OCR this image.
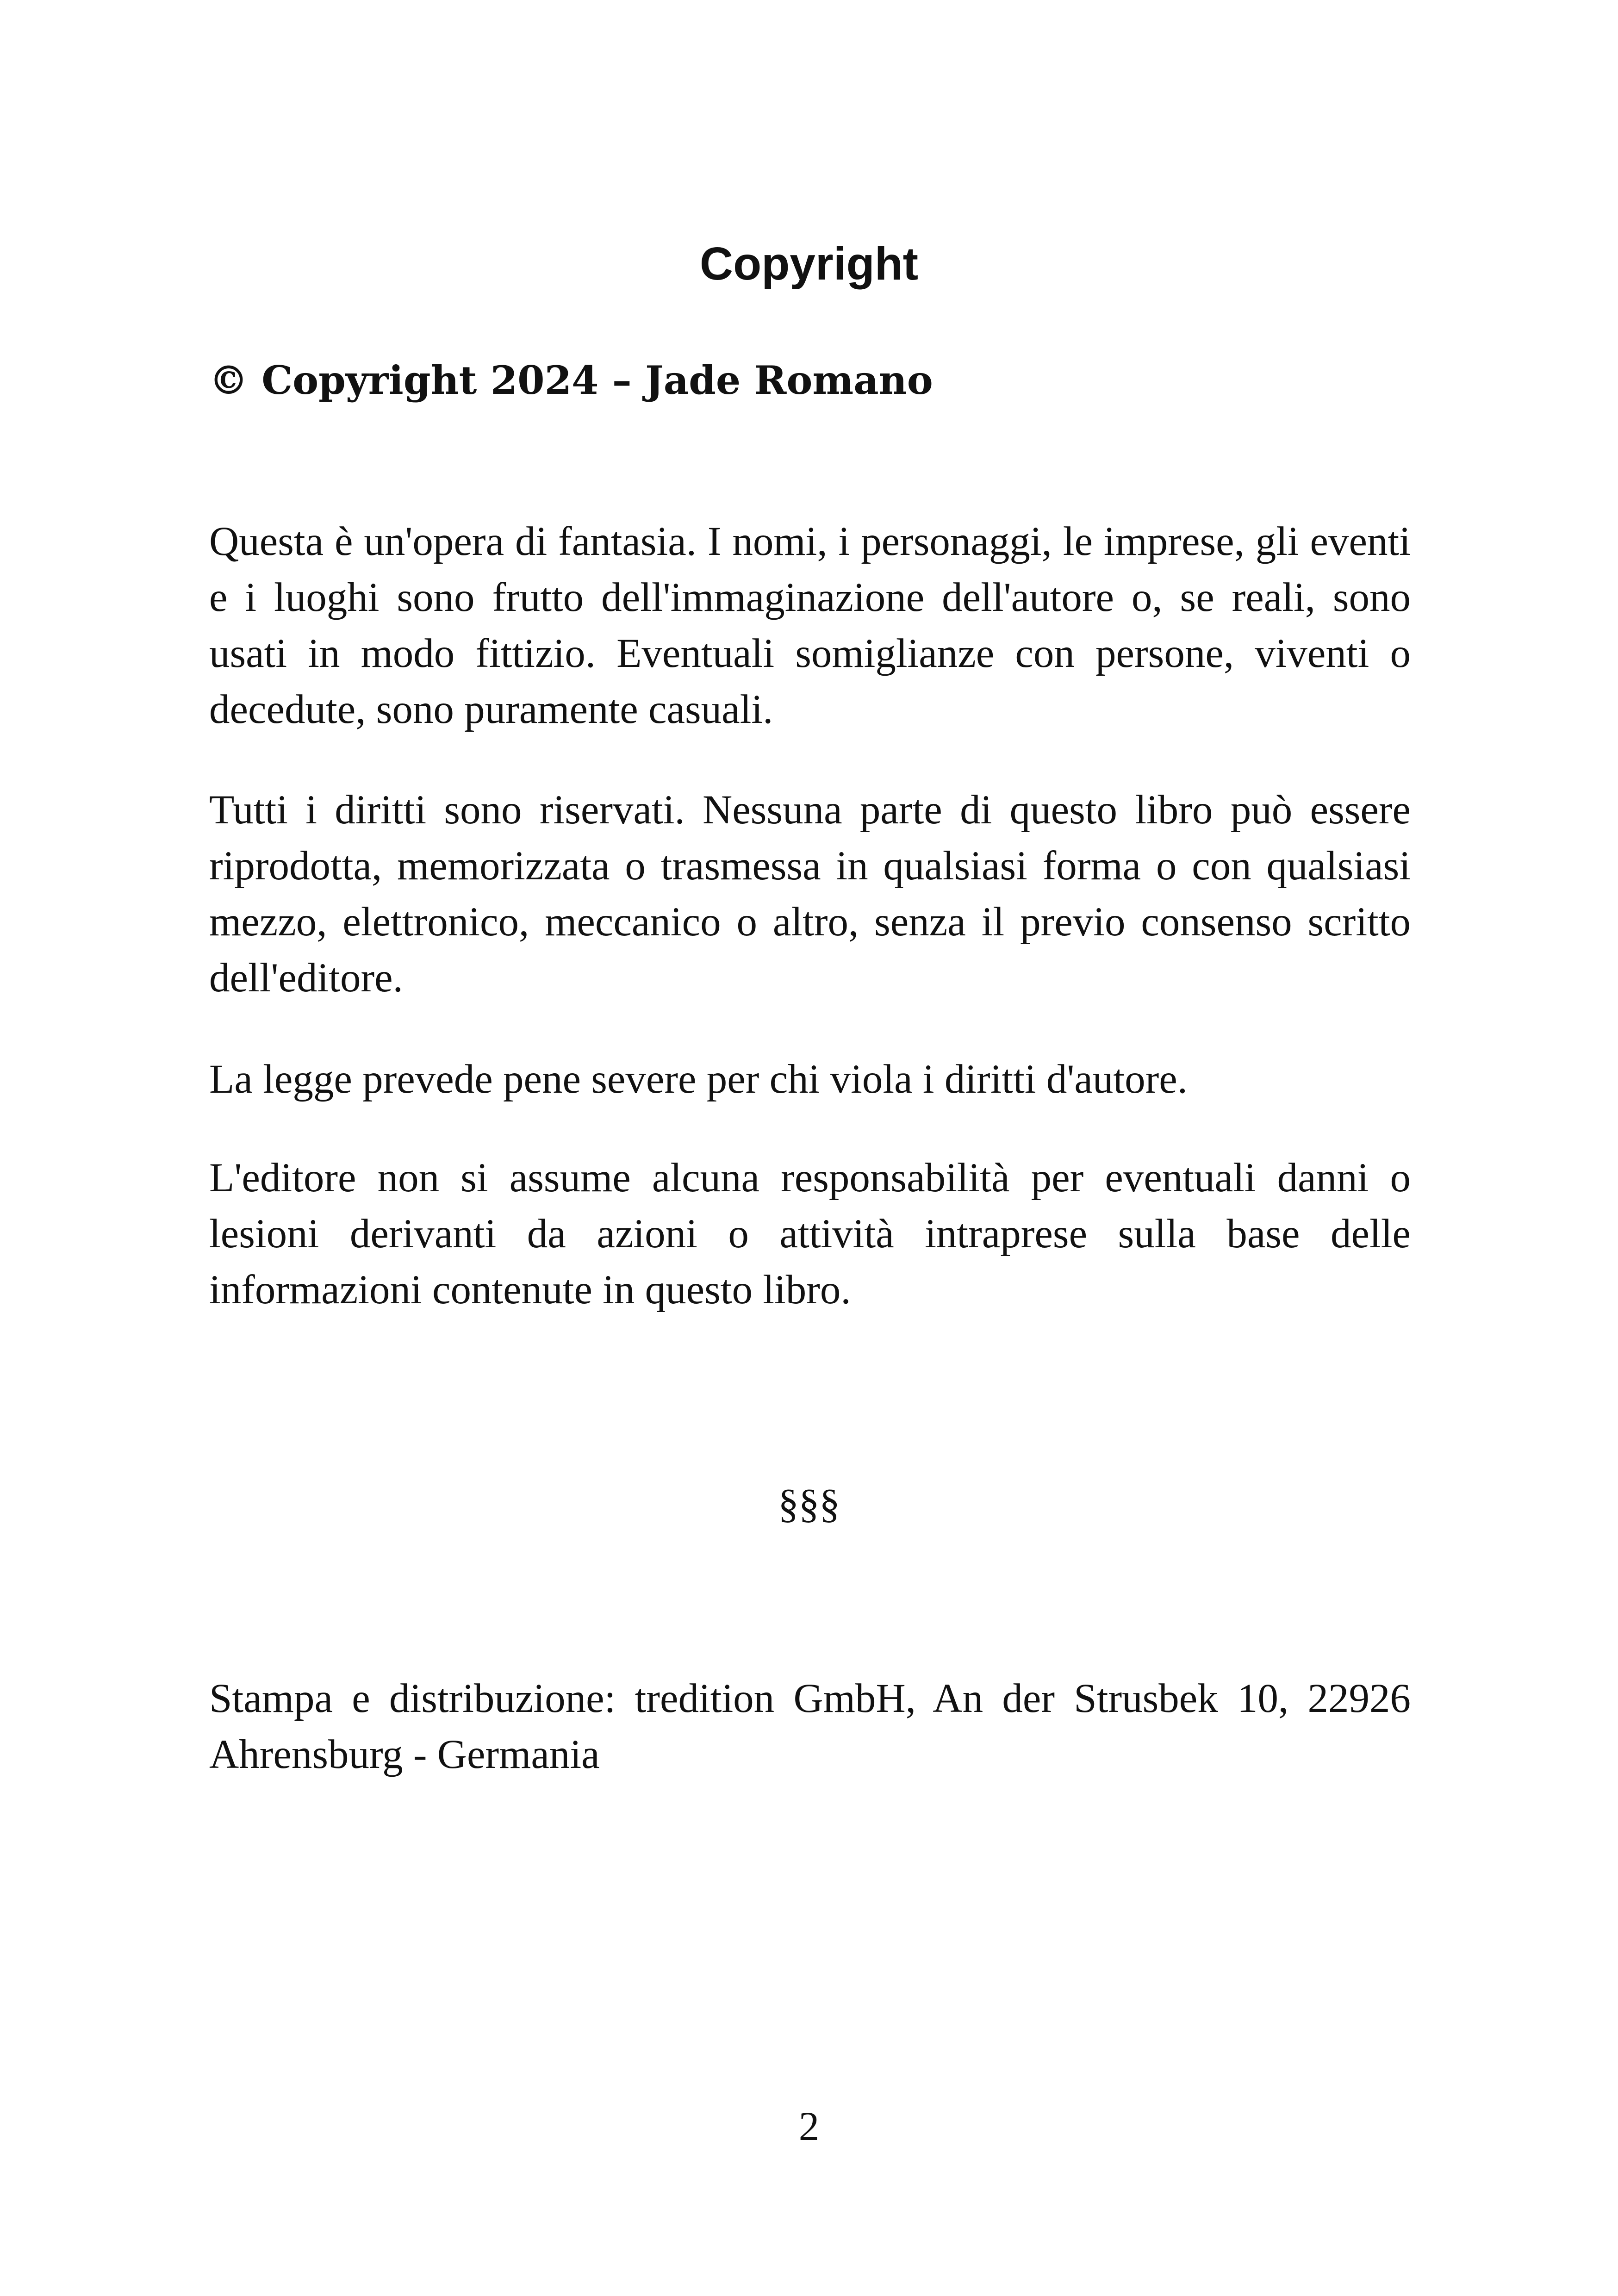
Copyright

© Copyright 2024 – Jade Romano

Questa è un'opera di fantasia. I nomi, i personaggi, le imprese, gli eventi e i luoghi sono frutto dell'immaginazione dell'autore o, se reali, sono usati in modo fittizio. Eventuali somiglianze con persone, viventi o decedute, sono puramente casuali.

Tutti i diritti sono riservati. Nessuna parte di questo libro può essere riprodotta, memorizzata o trasmessa in qualsiasi forma o con qualsiasi mezzo, elettronico, meccanico o altro, senza il previo consenso scritto dell'editore.

La legge prevede pene severe per chi viola i diritti d'autore.

L'editore non si assume alcuna responsabilità per eventuali danni o lesioni derivanti da azioni o attività intraprese sulla base delle informazioni contenute in questo libro.

§§§

Stampa e distribuzione: tredition GmbH, An der Strusbek 10, 22926 Ahrensburg - Germania

2
